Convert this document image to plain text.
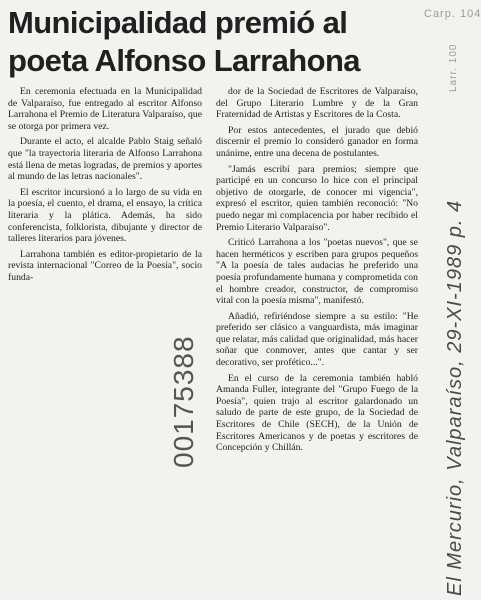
Municipalidad premió al poeta Alfonso Larrahona

En ceremonia efectuada en la Municipalidad de Valparaíso, fue entregado al escritor Alfonso Larrahona el Premio de Literatura Valparaíso, que se otorga por primera vez.

Durante el acto, el alcalde Pablo Staig señaló que "la trayectoria literaria de Alfonso Larrahona está llena de metas logradas, de premios y aportes al mundo de las letras nacionales".

El escritor incursionó a lo largo de su vida en la poesía, el cuento, el drama, el ensayo, la crítica literaria y la plática. Además, ha sido conferencista, folklorista, dibujante y director de talleres literarios para jóvenes.

Larrahona también es editor-propietario de la revista internacional "Correo de la Poesía", socio funda-

dor de la Sociedad de Escritores de Valparaíso, del Grupo Literario Lumbre y de la Gran Fraternidad de Artistas y Escritores de la Costa.

Por estos antecedentes, el jurado que debió discernir el premio lo consideró ganador en forma unánime, entre una decena de postulantes.

"Jamás escribí para premios; siempre que participé en un concurso lo hice con el principal objetivo de otorgarle, de conocer mi vigencia", expresó el escritor, quien también reconoció: "No puedo negar mi complacencia por haber recibido el Premio Literario Valparaíso".

Criticó Larrahona a los "poetas nuevos", que se hacen herméticos y escriben para grupos pequeños "A la poesía de tales audacias he preferido una poesía profundamente humana y comprometida con el hombre creador, constructor, de compromiso vital con la poesía misma", manifestó.

Añadió, refiriéndose siempre a su estilo: "He preferido ser clásico a vanguardista, más imaginar que relatar, más calidad que originalidad, más hacer soñar que conmover, antes que cantar y ser decorativo, ser profético...".

En el curso de la ceremonia también habló Amanda Fuller, integrante del "Grupo Fuego de la Poesía", quien trajo al escritor galardonado un saludo de parte de este grupo, de la Sociedad de Escritores de Chile (SECH), de la Unión de Escritores Americanos y de poetas y escritores de Concepción y Chillán.

Carp. 104
Larr. 100
00175388	El Mercurio, Valparaíso, 29-XI-1989 p. 4
